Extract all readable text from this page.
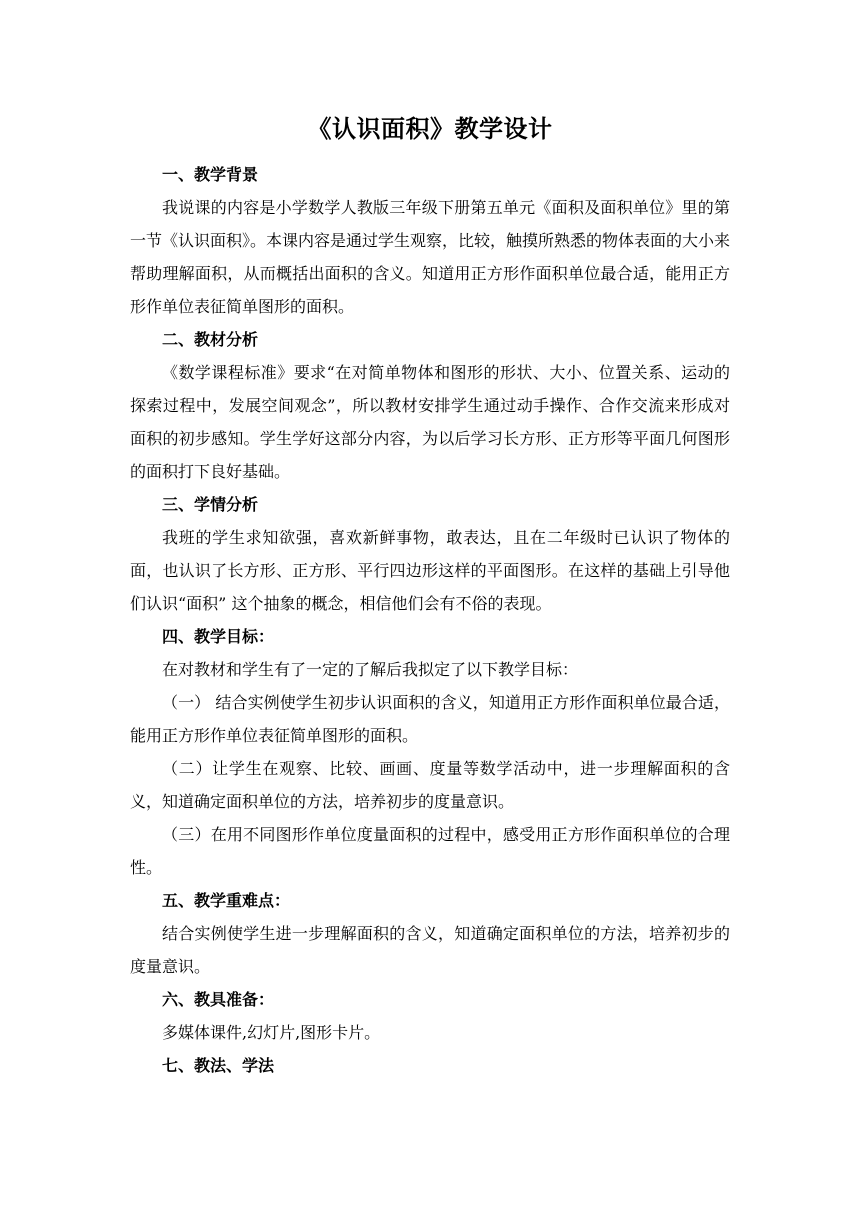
《认识面积》教学设计
一、教学背景

我说课的内容是小学数学人教版三年级下册第五单元《面积及面积单位》里的第一节《认识面积》。本课内容是通过学生观察，比较，触摸所熟悉的物体表面的大小来帮助理解面积，从而概括出面积的含义。知道用正方形作面积单位最合适，能用正方形作单位表征简单图形的面积。

二、教材分析

《数学课程标准》要求“在对简单物体和图形的形状、大小、位置关系、运动的探索过程中，发展空间观念”，所以教材安排学生通过动手操作、合作交流来形成对面积的初步感知。学生学好这部分内容，为以后学习长方形、正方形等平面几何图形的面积打下良好基础。

三、学情分析

我班的学生求知欲强，喜欢新鲜事物，敢表达，且在二年级时已认识了物体的面，也认识了长方形、正方形、平行四边形这样的平面图形。在这样的基础上引导他们认识“面积” 这个抽象的概念，相信他们会有不俗的表现。

四、教学目标：

在对教材和学生有了一定的了解后我拟定了以下教学目标：

（一） 结合实例使学生初步认识面积的含义，知道用正方形作面积单位最合适，能用正方形作单位表征简单图形的面积。

（二）让学生在观察、比较、画画、度量等数学活动中，进一步理解面积的含义，知道确定面积单位的方法，培养初步的度量意识。

（三）在用不同图形作单位度量面积的过程中，感受用正方形作面积单位的合理性。

五、教学重难点：

结合实例使学生进一步理解面积的含义，知道确定面积单位的方法，培养初步的度量意识。

六、教具准备：

多媒体课件,幻灯片,图形卡片。

七、教法、学法
